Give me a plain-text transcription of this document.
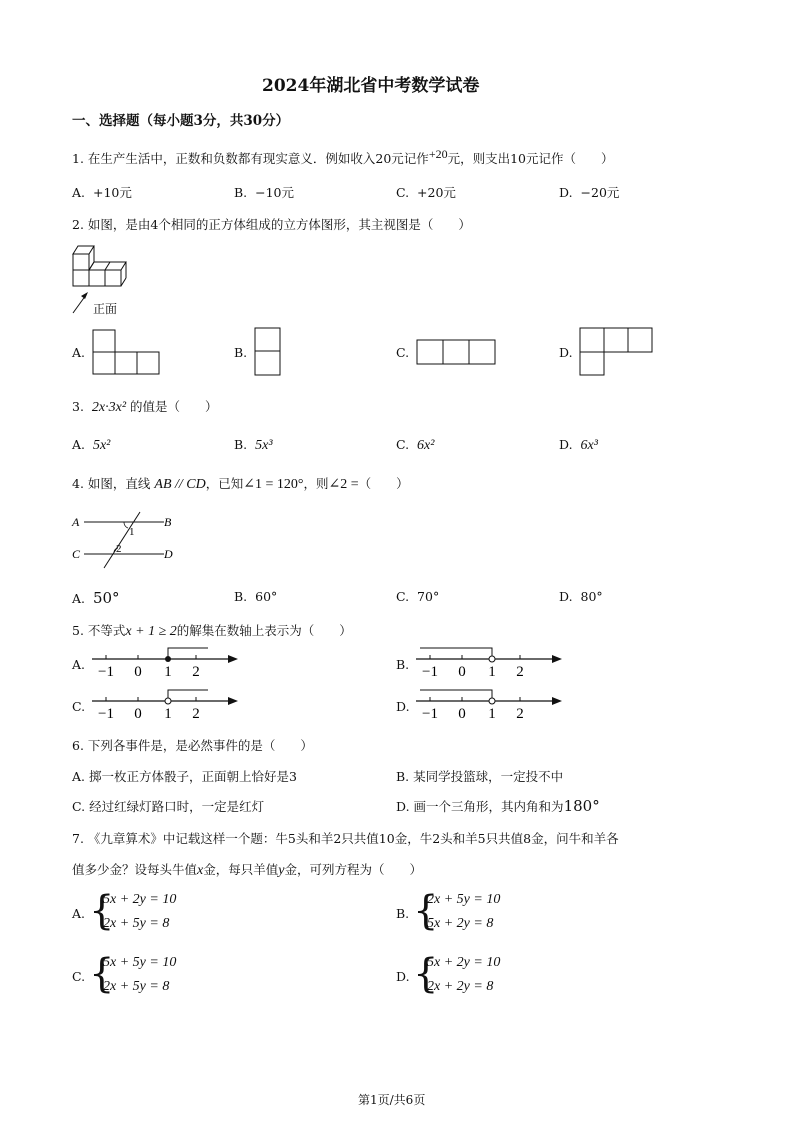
2024年湖北省中考数学试卷
一、选择题（每小题3分，共30分）
1. 在生产生活中，正数和负数都有现实意义．例如收入20元记作$^{+20}$元，则支出10元记作（　　）
A. +10元	B. −10元	C. +20元	D. −20元
2. 如图，是由4个相同的正方体组成的立方体图形，其主视图是（　　）
正面
A.	B.	C.	D.
3. 2x·3x² 的值是（　　）
A. 5x²	B. 5x³	C. 6x²	D. 6x³
4. 如图，直线 AB // CD，已知∠1 = 120°，则∠2 =（　　）
A	B
C	D
1
2
A. 50°	B. 60°	C. 70°	D. 80°
5. 不等式x + 1 ≥ 2的解集在数轴上表示为（　　）
A. −1 0 1 2	B. −1 0 1 2
C. −1 0 1 2	D. −1 0 1 2
6. 下列各事件是，是必然事件的是（　　）
A. 掷一枚正方体骰子，正面朝上恰好是3	B. 某同学投篮球，一定投不中
C. 经过红绿灯路口时，一定是红灯	D. 画一个三角形，其内角和为180°
7. 《九章算术》中记载这样一个题：牛5头和羊2只共值10金，牛2头和羊5只共值8金，问牛和羊各
值多少金？设每头牛值x金，每只羊值y金，可列方程为（　　）
A. {
5x + 2y = 10
2x + 5y = 8
B. {
2x + 5y = 10
5x + 2y = 8
C. {
5x + 5y = 10
2x + 5y = 8
D. {
5x + 2y = 10
2x + 2y = 8
第1页/共6页
